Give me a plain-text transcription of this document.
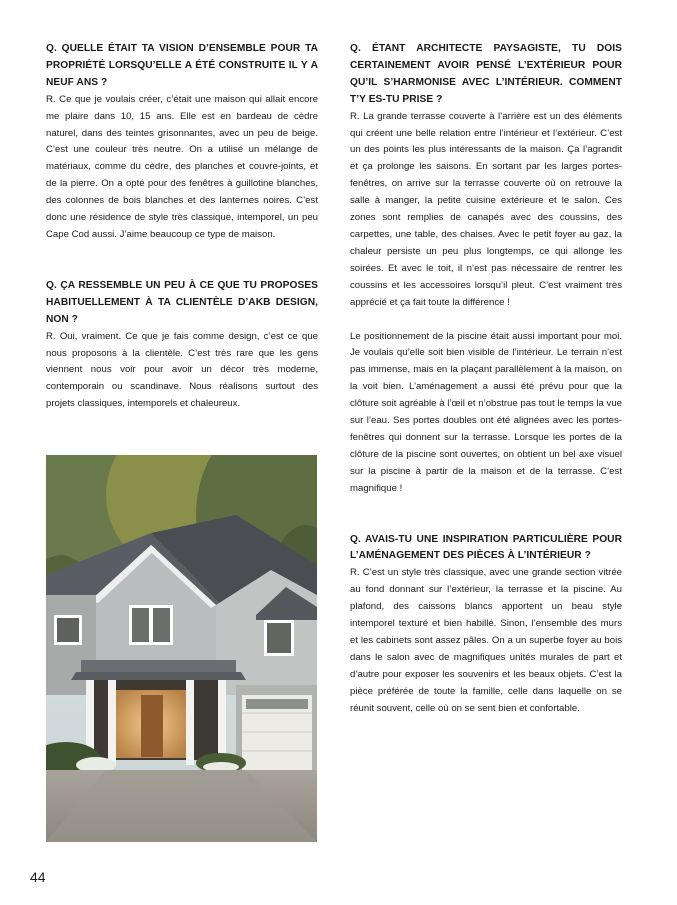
Q. QUELLE ÉTAIT TA VISION D’ENSEMBLE POUR TA PROPRIÉTÉ LORSQU’ELLE A ÉTÉ CONSTRUITE IL Y A NEUF ANS ?

R. Ce que je voulais créer, c’était une maison qui allait encore me plaire dans 10, 15 ans. Elle est en bardeau de cèdre naturel, dans des teintes grisonnantes, avec un peu de beige. C’est une couleur très neutre. On a utilisé un mélange de matériaux, comme du cèdre, des planches et couvre-joints, et de la pierre. On a opté pour des fenêtres à guillotine blanches, des colonnes de bois blanches et des lanternes noires. C’est donc une résidence de style très classique, intemporel, un peu Cape Cod aussi. J’aime beaucoup ce type de maison.

Q. ÇA RESSEMBLE UN PEU À CE QUE TU PROPOSES HABITUELLEMENT À TA CLIENTÈLE D’AKB DESIGN, NON ?

R. Oui, vraiment. Ce que je fais comme design, c’est ce que nous proposons à la clientèle. C’est très rare que les gens viennent nous voir pour avoir un décor très moderne, contemporain ou scandinave. Nous réalisons surtout des projets classiques, intemporels et chaleureux.

Q. ÉTANT ARCHITECTE PAYSAGISTE, TU DOIS CERTAINEMENT AVOIR PENSÉ L’EXTÉRIEUR POUR QU’IL S’HARMONISE AVEC L’INTÉRIEUR. COMMENT T’Y ES-TU PRISE ?

R. La grande terrasse couverte à l’arrière est un des éléments qui créent une belle relation entre l’intérieur et l’extérieur. C’est un des points les plus intéressants de la maison. Ça l’agrandit et ça prolonge les saisons. En sortant par les larges portes-fenêtres, on arrive sur la terrasse couverte où on retrouve la salle à manger, la petite cuisine extérieure et le salon. Ces zones sont remplies de canapés avec des coussins, des carpettes, une table, des chaises. Avec le petit foyer au gaz, la chaleur persiste un peu plus longtemps, ce qui allonge les soirées. Et avec le toit, il n’est pas nécessaire de rentrer les coussins et les accessoires lorsqu’il pleut. C’est vraiment très apprécié et ça fait toute la différence !

Le positionnement de la piscine était aussi important pour moi. Je voulais qu’elle soit bien visible de l’intérieur. Le terrain n’est pas immense, mais en la plaçant parallèlement à la maison, on la voit bien. L’aménagement a aussi été prévu pour que la clôture soit agréable à l’œil et n’obstrue pas tout le temps la vue sur l’eau. Ses portes doubles ont été alignées avec les portes-fenêtres qui donnent sur la terrasse. Lorsque les portes de la clôture de la piscine sont ouvertes, on obtient un bel axe visuel sur la piscine à partir de la maison et de la terrasse. C’est magnifique !

Q. AVAIS-TU UNE INSPIRATION PARTICULIÈRE POUR L’AMÉNAGEMENT DES PIÈCES À L’INTÉRIEUR ?

R. C’est un style très classique, avec une grande section vitrée au fond donnant sur l’extérieur, la terrasse et la piscine. Au plafond, des caissons blancs apportent un beau style intemporel texturé et bien habillé. Sinon, l’ensemble des murs et les cabinets sont assez pâles. On a un superbe foyer au bois dans le salon avec de magnifiques unités murales de part et d’autre pour exposer les souvenirs et les beaux objets. C’est la pièce préférée de toute la famille, celle dans laquelle on se réunit souvent, celle où on se sent bien et confortable.

44
